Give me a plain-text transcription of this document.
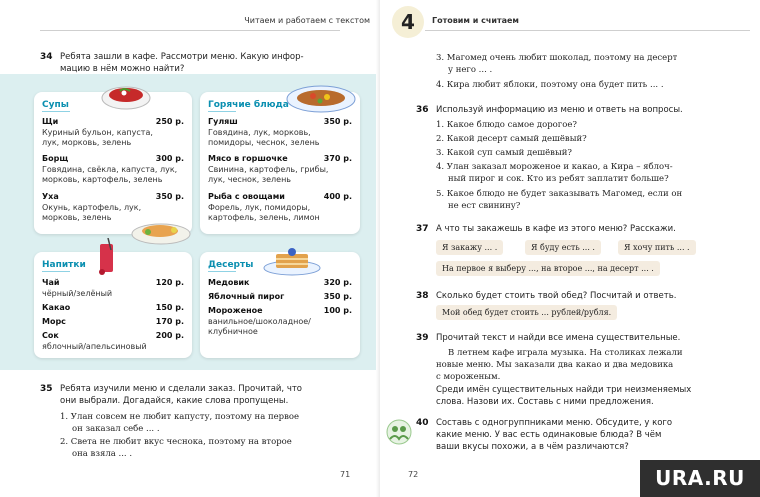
Читаем и работаем с текстом
34 Ребята зашли в кафе. Рассмотри меню. Какую инфор-
мацию в нём можно найти?
Супы
Щи	250 р.
Куриный бульон, капуста,
лук, морковь, зелень
Борщ	300 р.
Говядина, свёкла, капуста, лук,
морковь, картофель, зелень
Уха	350 р.
Окунь, картофель, лук,
морковь, зелень
Горячие блюда
Гуляш	350 р.
Говядина, лук, морковь,
помидоры, чеснок, зелень
Мясо в горшочке	370 р.
Свинина, картофель, грибы,
лук, чеснок, зелень
Рыба с овощами	400 р.
Форель, лук, помидоры,
картофель, зелень, лимон
Напитки
Чай	120 р.
чёрный/зелёный
Какао	150 р.
Морс	170 р.
Сок	200 р.
яблочный/апельсиновый
Десерты
Медовик	320 р.
Яблочный пирог	350 р.
Мороженое	100 р.
ванильное/шоколадное/
клубничное
35 Ребята изучили меню и сделали заказ. Прочитай, что
они выбрали. Догадайся, какие слова пропущены.
1. Улан совсем не любит капусту, поэтому на первое
он заказал себе ... .
2. Света не любит вкус чеснока, поэтому на второе
она взяла ... .
71
4	Готовим и считаем
3. Магомед очень любит шоколад, поэтому на десерт
у него ... .
4. Кира любит яблоки, поэтому она будет пить ... .
36 Используй информацию из меню и ответь на вопросы.
1. Какое блюдо самое дорогое?
2. Какой десерт самый дешёвый?
3. Какой суп самый дешёвый?
4. Улан заказал мороженое и какао, а Кира – яблоч-
ный пирог и сок. Кто из ребят заплатит больше?
5. Какое блюдо не будет заказывать Магомед, если он
не ест свинину?
37 А что ты закажешь в кафе из этого меню? Расскажи.
Я закажу ... .	Я буду есть ... .	Я хочу пить ... .
На первое я выберу ..., на второе ..., на десерт ... .
38 Сколько будет стоить твой обед? Посчитай и ответь.
Мой обед будет стоить ... рублей/рубля.
39 Прочитай текст и найди все имена существительные.
В летнем кафе играла музыка. На столиках лежали
новые меню. Мы заказали два какао и два медовика
с мороженым.
Среди имён существительных найди три неизменяемых
слова. Назови их. Составь с ними предложения.
40 Составь с одногруппниками меню. Обсудите, у кого
какие меню. У вас есть одинаковые блюда? В чём
ваши вкусы похожи, а в чём различаются?
72	URA.RU
